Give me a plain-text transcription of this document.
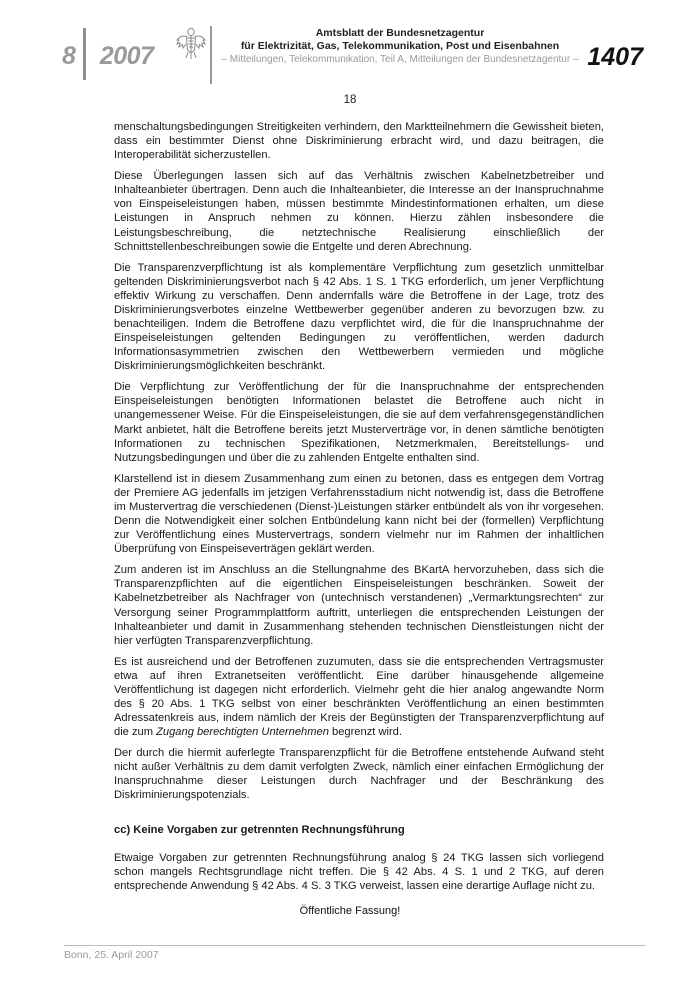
8 2007
Amtsblatt der Bundesnetzagentur
für Elektrizität, Gas, Telekommunikation, Post und Eisenbahnen
– Mitteilungen, Telekommunikation, Teil A, Mitteilungen der Bundesnetzagentur – 1407
18

menschaltungsbedingungen Streitigkeiten verhindern, den Marktteilnehmern die Gewissheit bieten, dass ein bestimmter Dienst ohne Diskriminierung erbracht wird, und dazu beitragen, die Interoperabilität sicherzustellen.

Diese Überlegungen lassen sich auf das Verhältnis zwischen Kabelnetzbetreiber und Inhalteanbieter übertragen. Denn auch die Inhalteanbieter, die Interesse an der Inanspruchnahme von Einspeiseleistungen haben, müssen bestimmte Mindestinformationen erhalten, um diese Leistungen in Anspruch nehmen zu können. Hierzu zählen insbesondere die Leistungsbeschreibung, die netztechnische Realisierung einschließlich der Schnittstellenbeschreibungen sowie die Entgelte und deren Abrechnung.

Die Transparenzverpflichtung ist als komplementäre Verpflichtung zum gesetzlich unmittelbar geltenden Diskriminierungsverbot nach § 42 Abs. 1 S. 1 TKG erforderlich, um jener Verpflichtung effektiv Wirkung zu verschaffen. Denn andernfalls wäre die Betroffene in der Lage, trotz des Diskriminierungsverbotes einzelne Wettbewerber gegenüber anderen zu bevorzugen bzw. zu benachteiligen. Indem die Betroffene dazu verpflichtet wird, die für die Inanspruchnahme der Einspeiseleistungen geltenden Bedingungen zu veröffentlichen, werden dadurch Informationsasymmetrien zwischen den Wettbewerbern vermieden und mögliche Diskriminierungsmöglichkeiten beschränkt.

Die Verpflichtung zur Veröffentlichung der für die Inanspruchnahme der entsprechenden Einspeiseleistungen benötigten Informationen belastet die Betroffene auch nicht in unangemessener Weise. Für die Einspeiseleistungen, die sie auf dem verfahrensgegenständlichen Markt anbietet, hält die Betroffene bereits jetzt Musterverträge vor, in denen sämtliche benötigten Informationen zu technischen Spezifikationen, Netzmerkmalen, Bereitstellungs- und Nutzungsbedingungen und über die zu zahlenden Entgelte enthalten sind.

Klarstellend ist in diesem Zusammenhang zum einen zu betonen, dass es entgegen dem Vortrag der Premiere AG jedenfalls im jetzigen Verfahrensstadium nicht notwendig ist, dass die Betroffene im Mustervertrag die verschiedenen (Dienst-)Leistungen stärker entbündelt als von ihr vorgesehen. Denn die Notwendigkeit einer solchen Entbündelung kann nicht bei der (formellen) Verpflichtung zur Veröffentlichung eines Mustervertrags, sondern vielmehr nur im Rahmen der inhaltlichen Überprüfung von Einspeiseverträgen geklärt werden.

Zum anderen ist im Anschluss an die Stellungnahme des BKartA hervorzuheben, dass sich die Transparenzpflichten auf die eigentlichen Einspeiseleistungen beschränken. Soweit der Kabelnetzbetreiber als Nachfrager von (untechnisch verstandenen) „Vermarktungsrechten“ zur Versorgung seiner Programmplattform auftritt, unterliegen die entsprechenden Leistungen der Inhalteanbieter und damit in Zusammenhang stehenden technischen Dienstleistungen nicht der hier verfügten Transparenzverpflichtung.

Es ist ausreichend und der Betroffenen zuzumuten, dass sie die entsprechenden Vertragsmuster etwa auf ihren Extranetseiten veröffentlicht. Eine darüber hinausgehende allgemeine Veröffentlichung ist dagegen nicht erforderlich. Vielmehr geht die hier analog angewandte Norm des § 20 Abs. 1 TKG selbst von einer beschränkten Veröffentlichung an einen bestimmten Adressatenkreis aus, indem nämlich der Kreis der Begünstigten der Transparenzverpflichtung auf die zum Zugang berechtigten Unternehmen begrenzt wird.

Der durch die hiermit auferlegte Transparenzpflicht für die Betroffene entstehende Aufwand steht nicht außer Verhältnis zu dem damit verfolgten Zweck, nämlich einer einfachen Ermöglichung der Inanspruchnahme dieser Leistungen durch Nachfrager und der Beschränkung des Diskriminierungspotenzials.

cc) Keine Vorgaben zur getrennten Rechnungsführung

Etwaige Vorgaben zur getrennten Rechnungsführung analog § 24 TKG lassen sich vorliegend schon mangels Rechtsgrundlage nicht treffen. Die § 42 Abs. 4 S. 1 und 2 TKG, auf deren entsprechende Anwendung § 42 Abs. 4 S. 3 TKG verweist, lassen eine derartige Auflage nicht zu.

Öffentliche Fassung!
Bonn, 25. April 2007
